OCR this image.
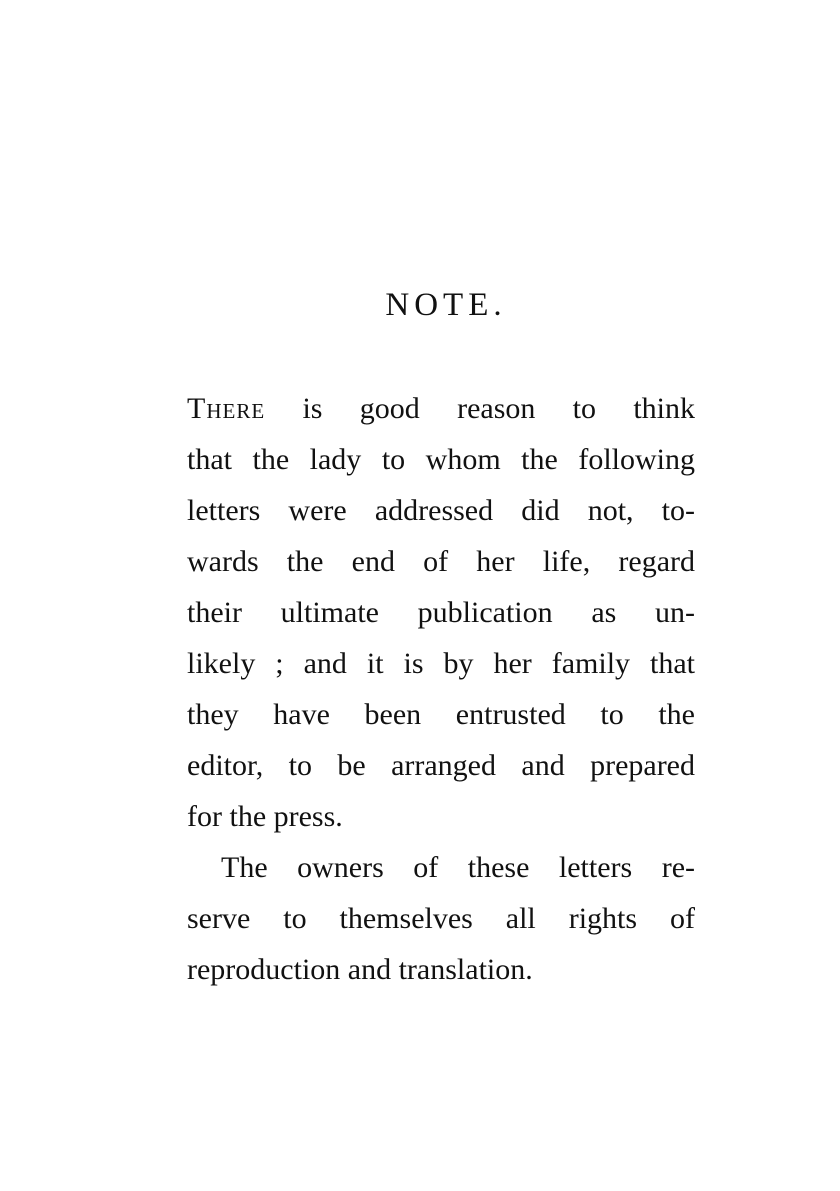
NOTE.
There is good reason to think
that the lady to whom the following
letters were addressed did not, to-
wards the end of her life, regard
their ultimate publication as un-
likely ; and it is by her family that
they have been entrusted to the
editor, to be arranged and prepared
for the press.
The owners of these letters re-
serve to themselves all rights of
reproduction and translation.
